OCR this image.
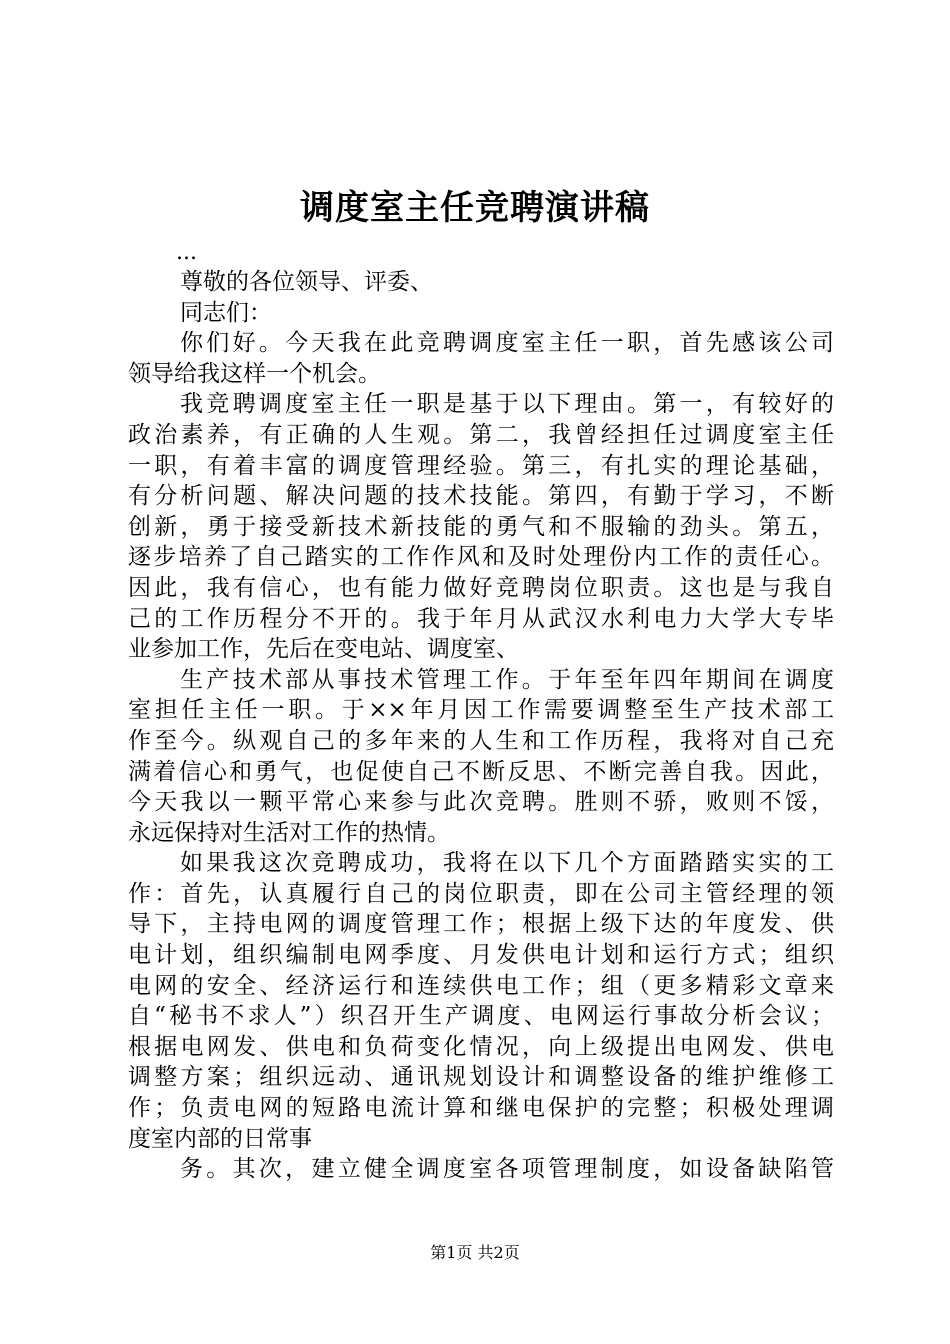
调度室主任竞聘演讲稿
...
尊敬的各位领导、评委、
同志们：
你们好。今天我在此竞聘调度室主任一职，首先感该公司
领导给我这样一个机会。
我竞聘调度室主任一职是基于以下理由。第一，有较好的
政治素养，有正确的人生观。第二，我曾经担任过调度室主任
一职，有着丰富的调度管理经验。第三，有扎实的理论基础，
有分析问题、解决问题的技术技能。第四，有勤于学习，不断
创新，勇于接受新技术新技能的勇气和不服输的劲头。第五，
逐步培养了自己踏实的工作作风和及时处理份内工作的责任心。
因此，我有信心，也有能力做好竞聘岗位职责。这也是与我自
己的工作历程分不开的。我于年月从武汉水利电力大学大专毕
业参加工作，先后在变电站、调度室、
生产技术部从事技术管理工作。于年至年四年期间在调度
室担任主任一职。于××年月因工作需要调整至生产技术部工
作至今。纵观自己的多年来的人生和工作历程，我将对自己充
满着信心和勇气，也促使自己不断反思、不断完善自我。因此，
今天我以一颗平常心来参与此次竞聘。胜则不骄，败则不馁，
永远保持对生活对工作的热情。
如果我这次竞聘成功，我将在以下几个方面踏踏实实的工
作：首先，认真履行自己的岗位职责，即在公司主管经理的领
导下，主持电网的调度管理工作；根据上级下达的年度发、供
电计划，组织编制电网季度、月发供电计划和运行方式；组织
电网的安全、经济运行和连续供电工作；组（更多精彩文章来
自“秘书不求人”）织召开生产调度、电网运行事故分析会议；
根据电网发、供电和负荷变化情况，向上级提出电网发、供电
调整方案；组织远动、通讯规划设计和调整设备的维护维修工
作；负责电网的短路电流计算和继电保护的完整；积极处理调
度室内部的日常事
务。其次，建立健全调度室各项管理制度，如设备缺陷管
第1页 共2页
